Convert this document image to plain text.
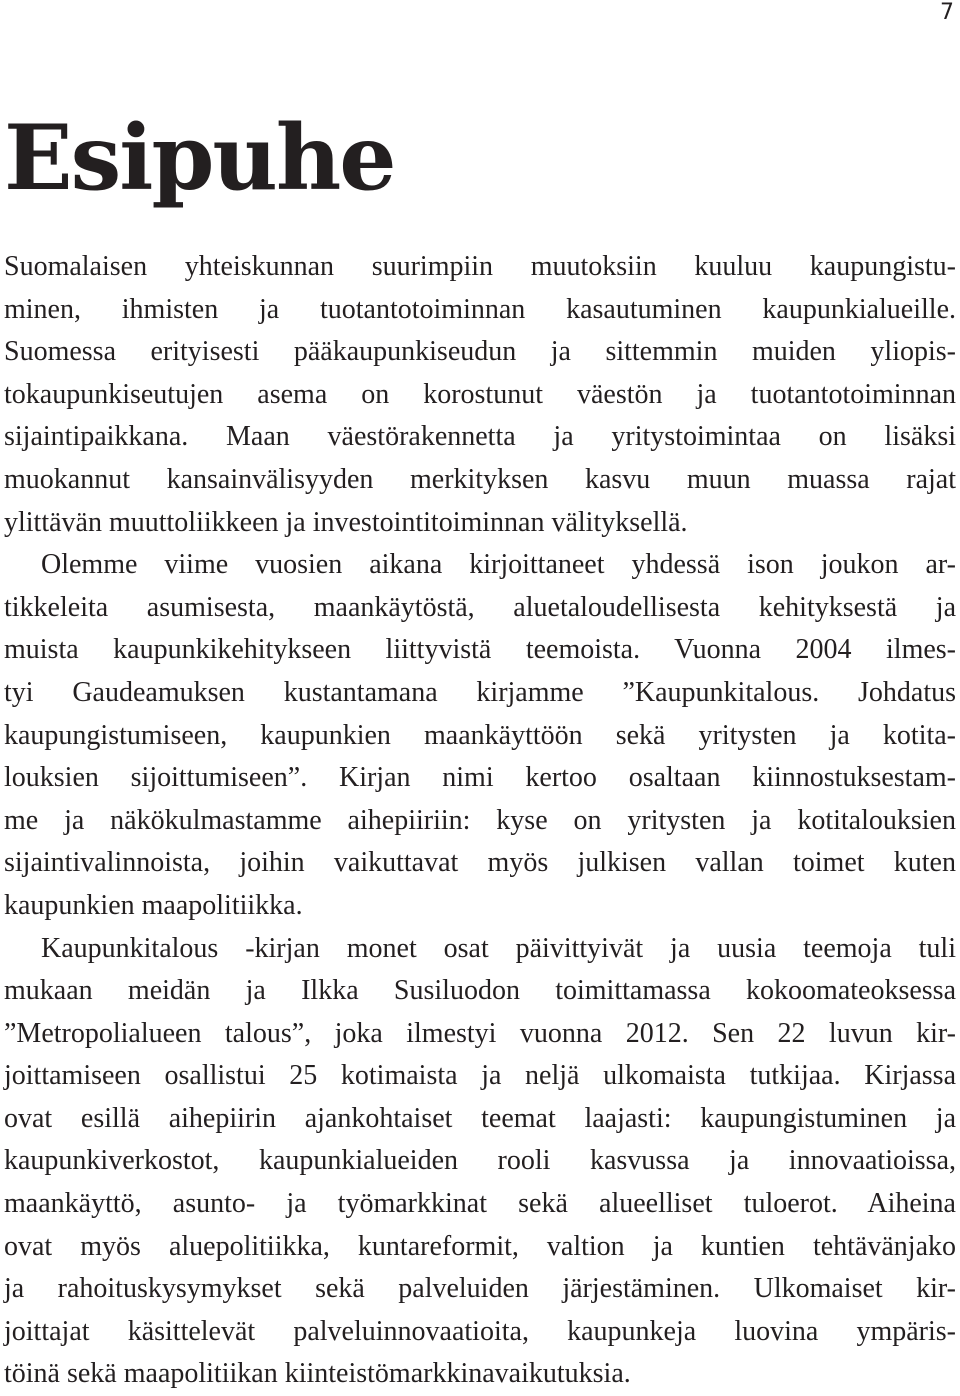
7
Esipuhe
Suomalaisen yhteiskunnan suurimpiin muutoksiin kuuluu kaupungistu-
minen, ihmisten ja tuotantotoiminnan kasautuminen kaupunkialueille.
Suomessa erityisesti pääkaupunkiseudun ja sittemmin muiden yliopis-
tokaupunkiseutujen asema on korostunut väestön ja tuotantotoiminnan
sijaintipaikkana. Maan väestörakennetta ja yritystoimintaa on lisäksi
muokannut kansainvälisyyden merkityksen kasvu muun muassa rajat
ylittävän muuttoliikkeen ja investointitoiminnan välityksellä.
Olemme viime vuosien aikana kirjoittaneet yhdessä ison joukon ar-
tikkeleita asumisesta, maankäytöstä, aluetaloudellisesta kehityksestä ja
muista kaupunkikehitykseen liittyvistä teemoista. Vuonna 2004 ilmes-
tyi Gaudeamuksen kustantamana kirjamme ”Kaupunkitalous. Johdatus
kaupungistumiseen, kaupunkien maankäyttöön sekä yritysten ja kotita-
louksien sijoittumiseen”. Kirjan nimi kertoo osaltaan kiinnostuksestam-
me ja näkökulmastamme aihepiiriin: kyse on yritysten ja kotitalouksien
sijaintivalinnoista, joihin vaikuttavat myös julkisen vallan toimet kuten
kaupunkien maapolitiikka.
Kaupunkitalous -kirjan monet osat päivittyivät ja uusia teemoja tuli
mukaan meidän ja Ilkka Susiluodon toimittamassa kokoomateoksessa
”Metropolialueen talous”, joka ilmestyi vuonna 2012. Sen 22 luvun kir-
joittamiseen osallistui 25 kotimaista ja neljä ulkomaista tutkijaa. Kirjassa
ovat esillä aihepiirin ajankohtaiset teemat laajasti: kaupungistuminen ja
kaupunkiverkostot, kaupunkialueiden rooli kasvussa ja innovaatioissa,
maankäyttö, asunto- ja työmarkkinat sekä alueelliset tuloerot. Aiheina
ovat myös aluepolitiikka, kuntareformit, valtion ja kuntien tehtävänjako
ja rahoituskysymykset sekä palveluiden järjestäminen. Ulkomaiset kir-
joittajat käsittelevät palveluinnovaatioita, kaupunkeja luovina ympäris-
töinä sekä maapolitiikan kiinteistömarkkinavaikutuksia.
